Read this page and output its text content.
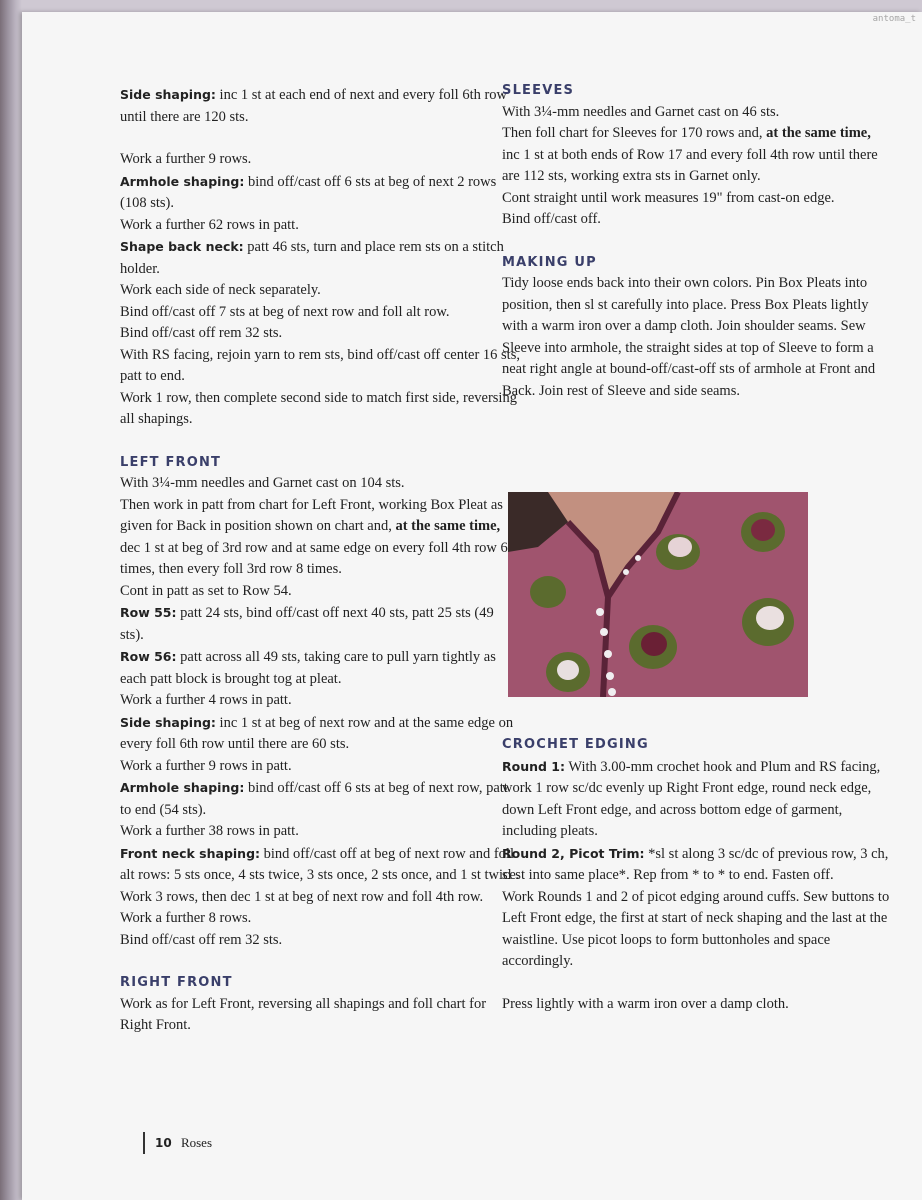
antoma_t

Side shaping: inc 1 st at each end of next and every foll 6th row until there are 120 sts.

Work a further 9 rows.

Armhole shaping: bind off/cast off 6 sts at beg of next 2 rows (108 sts).

Work a further 62 rows in patt.

Shape back neck: patt 46 sts, turn and place rem sts on a stitch holder.

Work each side of neck separately.

Bind off/cast off 7 sts at beg of next row and foll alt row.

Bind off/cast off rem 32 sts.

With RS facing, rejoin yarn to rem sts, bind off/cast off center 16 sts, patt to end.

Work 1 row, then complete second side to match first side, reversing all shapings.

LEFT FRONT

With 3¼-mm needles and Garnet cast on 104 sts.

Then work in patt from chart for Left Front, working Box Pleat as given for Back in position shown on chart and, at the same time, dec 1 st at beg of 3rd row and at same edge on every foll 4th row 6 times, then every foll 3rd row 8 times.

Cont in patt as set to Row 54.

Row 55: patt 24 sts, bind off/cast off next 40 sts, patt 25 sts (49 sts).

Row 56: patt across all 49 sts, taking care to pull yarn tightly as each patt block is brought tog at pleat.

Work a further 4 rows in patt.

Side shaping: inc 1 st at beg of next row and at the same edge on every foll 6th row until there are 60 sts.

Work a further 9 rows in patt.

Armhole shaping: bind off/cast off 6 sts at beg of next row, patt to end (54 sts).

Work a further 38 rows in patt.

Front neck shaping: bind off/cast off at beg of next row and foll alt rows: 5 sts once, 4 sts twice, 3 sts once, 2 sts once, and 1 st twice.

Work 3 rows, then dec 1 st at beg of next row and foll 4th row.

Work a further 8 rows.

Bind off/cast off rem 32 sts.

RIGHT FRONT

Work as for Left Front, reversing all shapings and foll chart for Right Front.

SLEEVES

With 3¼-mm needles and Garnet cast on 46 sts.

Then foll chart for Sleeves for 170 rows and, at the same time, inc 1 st at both ends of Row 17 and every foll 4th row until there are 112 sts, working extra sts in Garnet only.

Cont straight until work measures 19" from cast-on edge.

Bind off/cast off.

MAKING UP

Tidy loose ends back into their own colors. Pin Box Pleats into position, then sl st carefully into place. Press Box Pleats lightly with a warm iron over a damp cloth. Join shoulder seams. Sew Sleeve into armhole, the straight sides at top of Sleeve to form a neat right angle at bound-off/cast-off sts of armhole at Front and Back. Join rest of Sleeve and side seams.

CROCHET EDGING

Round 1: With 3.00-mm crochet hook and Plum and RS facing, work 1 row sc/dc evenly up Right Front edge, round neck edge, down Left Front edge, and across bottom edge of garment, including pleats.

Round 2, Picot Trim: *sl st along 3 sc/dc of previous row, 3 ch, sl st into same place*. Rep from * to * to end. Fasten off.

Work Rounds 1 and 2 of picot edging around cuffs. Sew buttons to Left Front edge, the first at start of neck shaping and the last at the waistline. Use picot loops to form buttonholes and space accordingly.

Press lightly with a warm iron over a damp cloth.

10 Roses
